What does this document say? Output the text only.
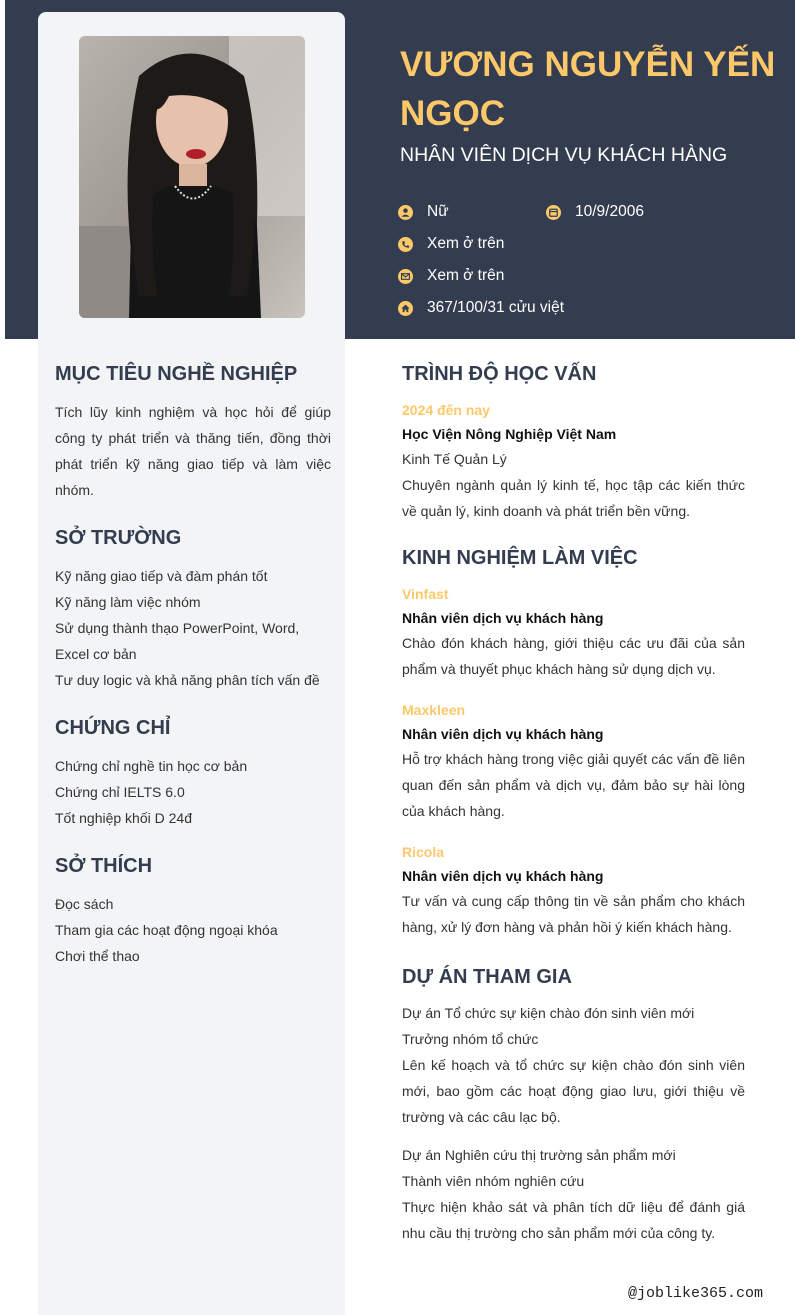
VƯƠNG NGUYỄN YẾN NGỌC
NHÂN VIÊN DỊCH VỤ KHÁCH HÀNG
Nữ	10/9/2006
Xem ở trên
Xem ở trên
367/100/31 cửu việt
MỤC TIÊU NGHỀ NGHIỆP
Tích lũy kinh nghiệm và học hỏi để giúp công ty phát triển và thăng tiến, đồng thời phát triển kỹ năng giao tiếp và làm việc nhóm.
SỞ TRƯỜNG
Kỹ năng giao tiếp và đàm phán tốt
Kỹ năng làm việc nhóm
Sử dụng thành thạo PowerPoint, Word, Excel cơ bản
Tư duy logic và khả năng phân tích vấn đề
CHỨNG CHỈ
Chứng chỉ nghề tin học cơ bản
Chứng chỉ IELTS 6.0
Tốt nghiệp khối D 24đ
SỞ THÍCH
Đọc sách
Tham gia các hoạt động ngoại khóa
Chơi thể thao
TRÌNH ĐỘ HỌC VẤN
2024 đến nay
Học Viện Nông Nghiệp Việt Nam
Kinh Tế Quản Lý
Chuyên ngành quản lý kinh tế, học tập các kiến thức về quản lý, kinh doanh và phát triển bền vững.
KINH NGHIỆM LÀM VIỆC
Vinfast
Nhân viên dịch vụ khách hàng
Chào đón khách hàng, giới thiệu các ưu đãi của sản phẩm và thuyết phục khách hàng sử dụng dịch vụ.
Maxkleen
Nhân viên dịch vụ khách hàng
Hỗ trợ khách hàng trong việc giải quyết các vấn đề liên quan đến sản phẩm và dịch vụ, đảm bảo sự hài lòng của khách hàng.
Ricola
Nhân viên dịch vụ khách hàng
Tư vấn và cung cấp thông tin về sản phẩm cho khách hàng, xử lý đơn hàng và phản hồi ý kiến khách hàng.
DỰ ÁN THAM GIA
Dự án Tổ chức sự kiện chào đón sinh viên mới
Trưởng nhóm tổ chức
Lên kế hoạch và tổ chức sự kiện chào đón sinh viên mới, bao gồm các hoạt động giao lưu, giới thiệu về trường và các câu lạc bộ.
Dự án Nghiên cứu thị trường sản phẩm mới
Thành viên nhóm nghiên cứu
Thực hiện khảo sát và phân tích dữ liệu để đánh giá nhu cầu thị trường cho sản phẩm mới của công ty.
@joblike365.com
